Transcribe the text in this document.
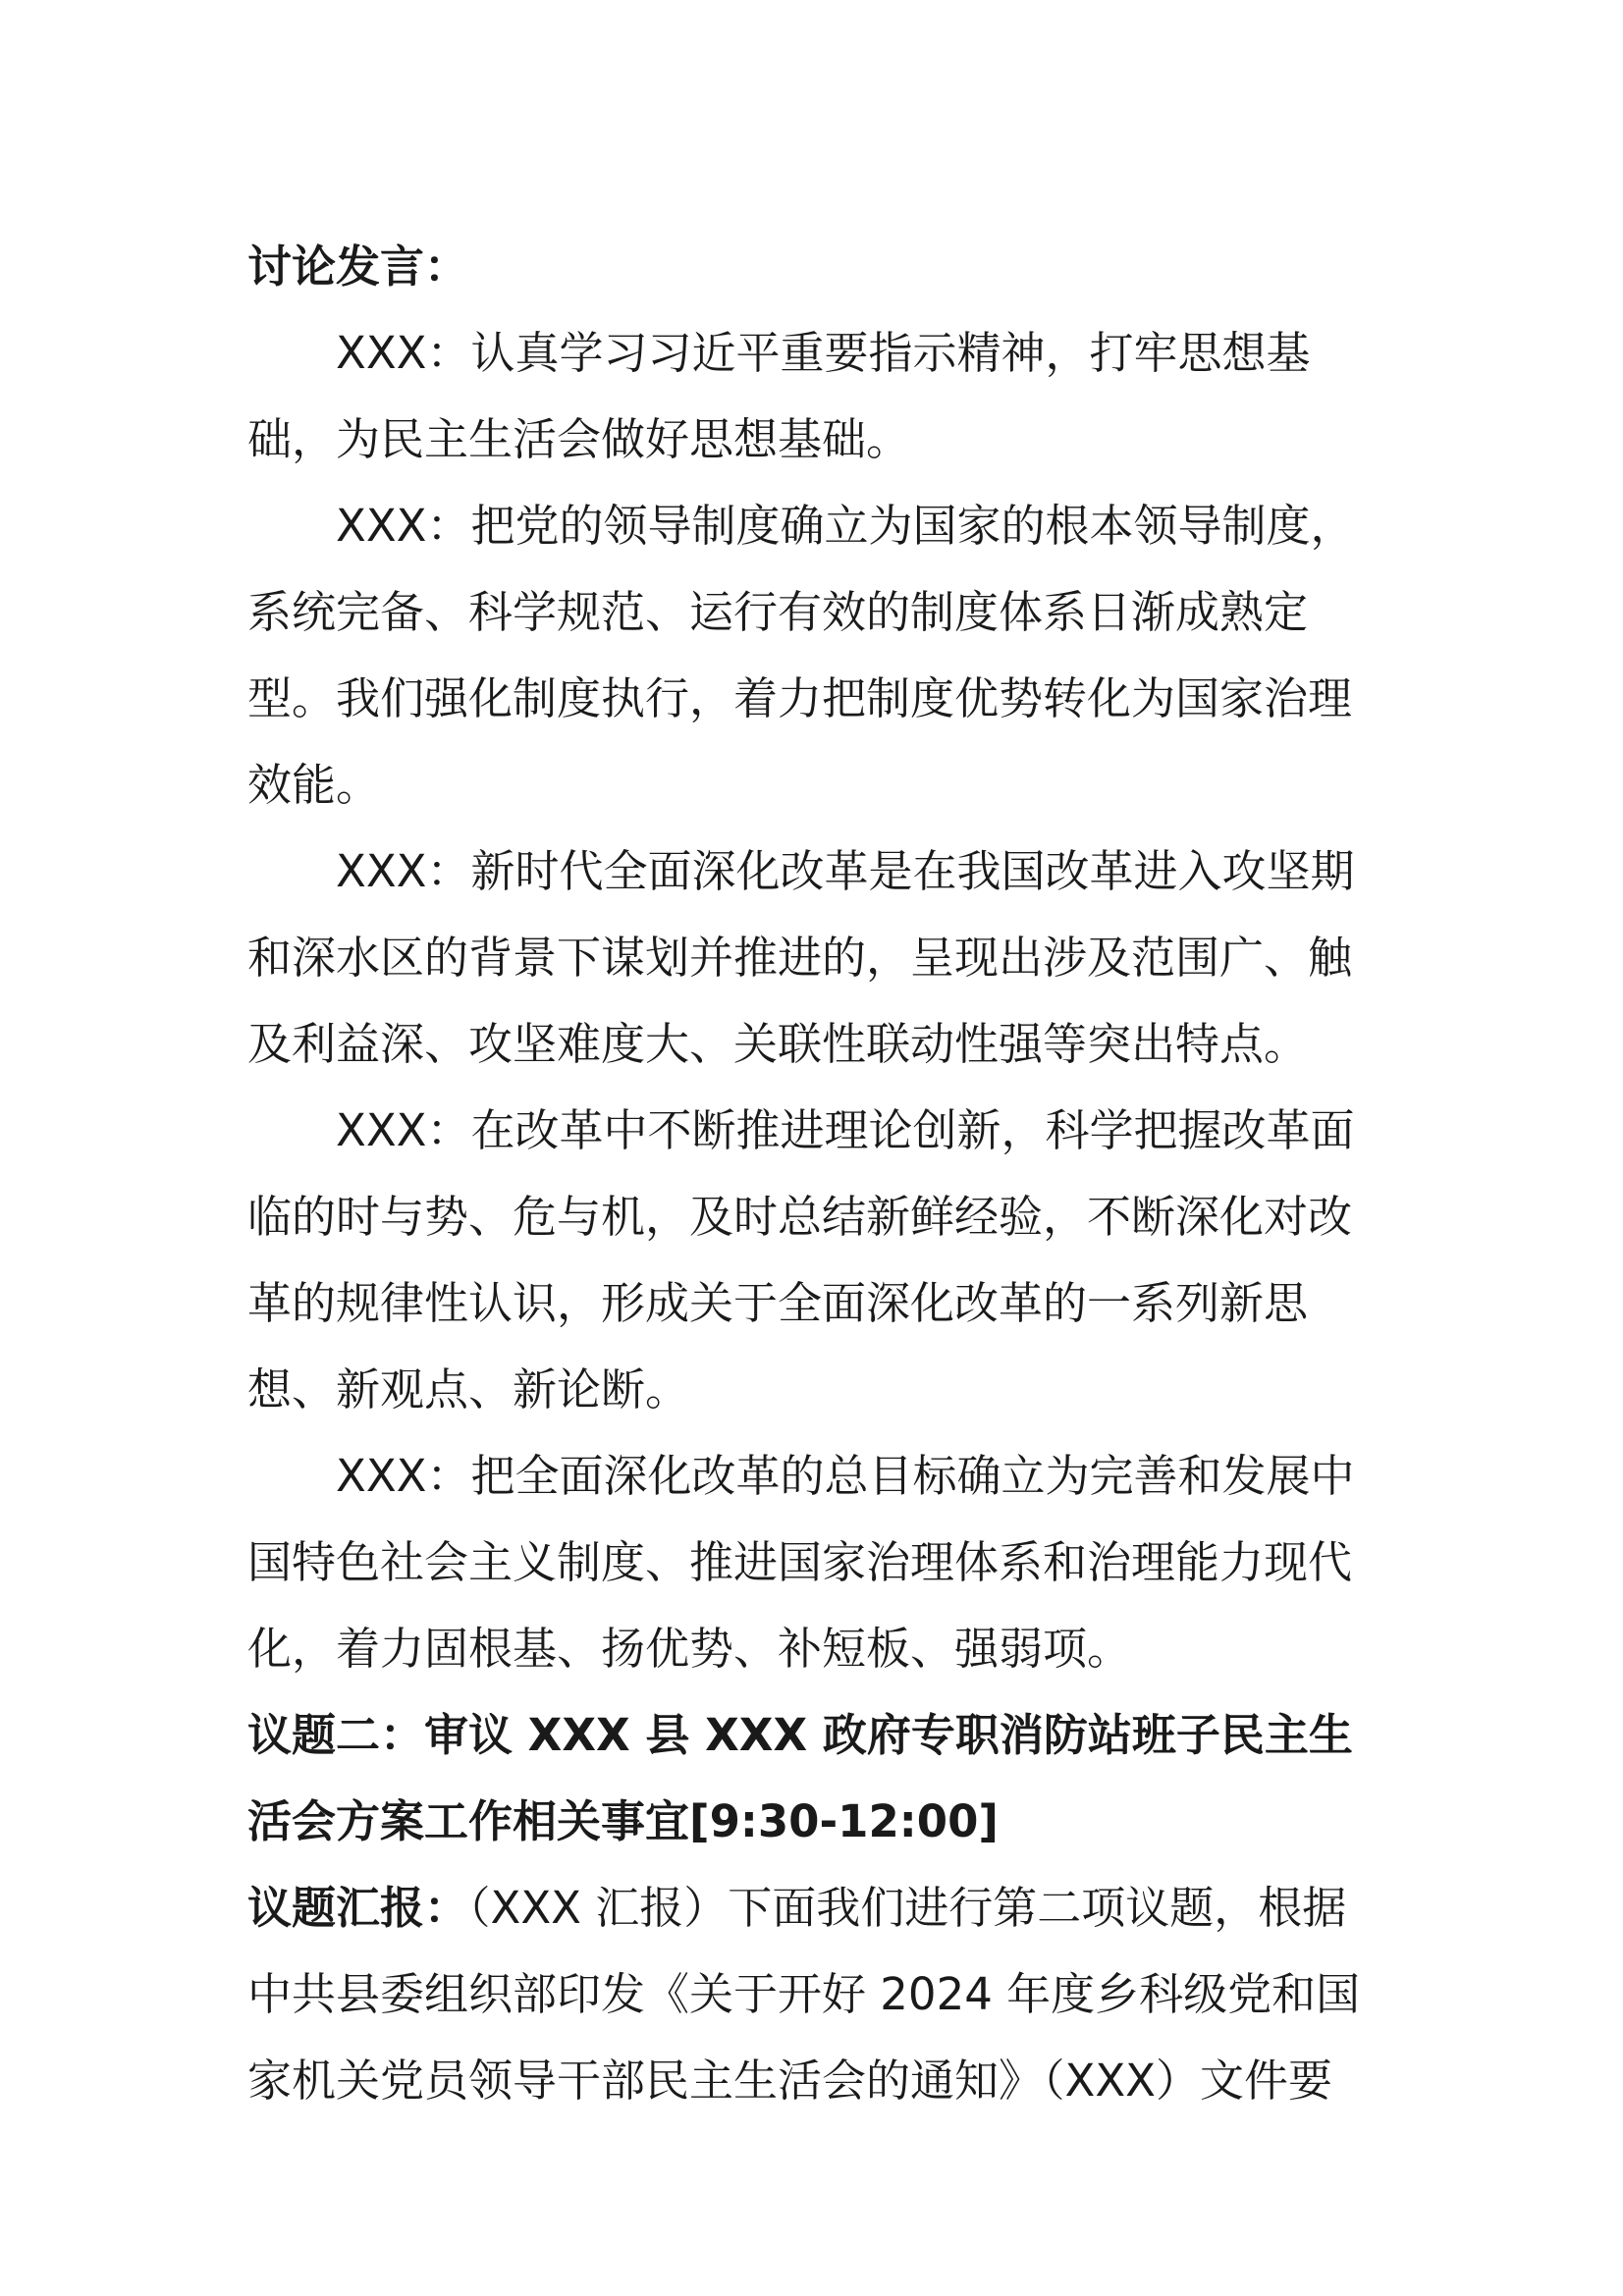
讨论发言：

XXX：认真学习习近平重要指示精神，打牢思想基础，为民主生活会做好思想基础。

XXX：把党的领导制度确立为国家的根本领导制度，系统完备、科学规范、运行有效的制度体系日渐成熟定型。我们强化制度执行，着力把制度优势转化为国家治理效能。

XXX：新时代全面深化改革是在我国改革进入攻坚期和深水区的背景下谋划并推进的，呈现出涉及范围广、触及利益深、攻坚难度大、关联性联动性强等突出特点。

XXX：在改革中不断推进理论创新，科学把握改革面临的时与势、危与机，及时总结新鲜经验，不断深化对改革的规律性认识，形成关于全面深化改革的一系列新思想、新观点、新论断。

XXX：把全面深化改革的总目标确立为完善和发展中国特色社会主义制度、推进国家治理体系和治理能力现代化，着力固根基、扬优势、补短板、强弱项。

议题二：审议 XXX 县 XXX 政府专职消防站班子民主生活会方案工作相关事宜[9:30-12:00]

议题汇报：（XXX 汇报）下面我们进行第二项议题，根据中共县委组织部印发《关于开好 2024 年度乡科级党和国家机关党员领导干部民主生活会的通知》（XXX）文件要
